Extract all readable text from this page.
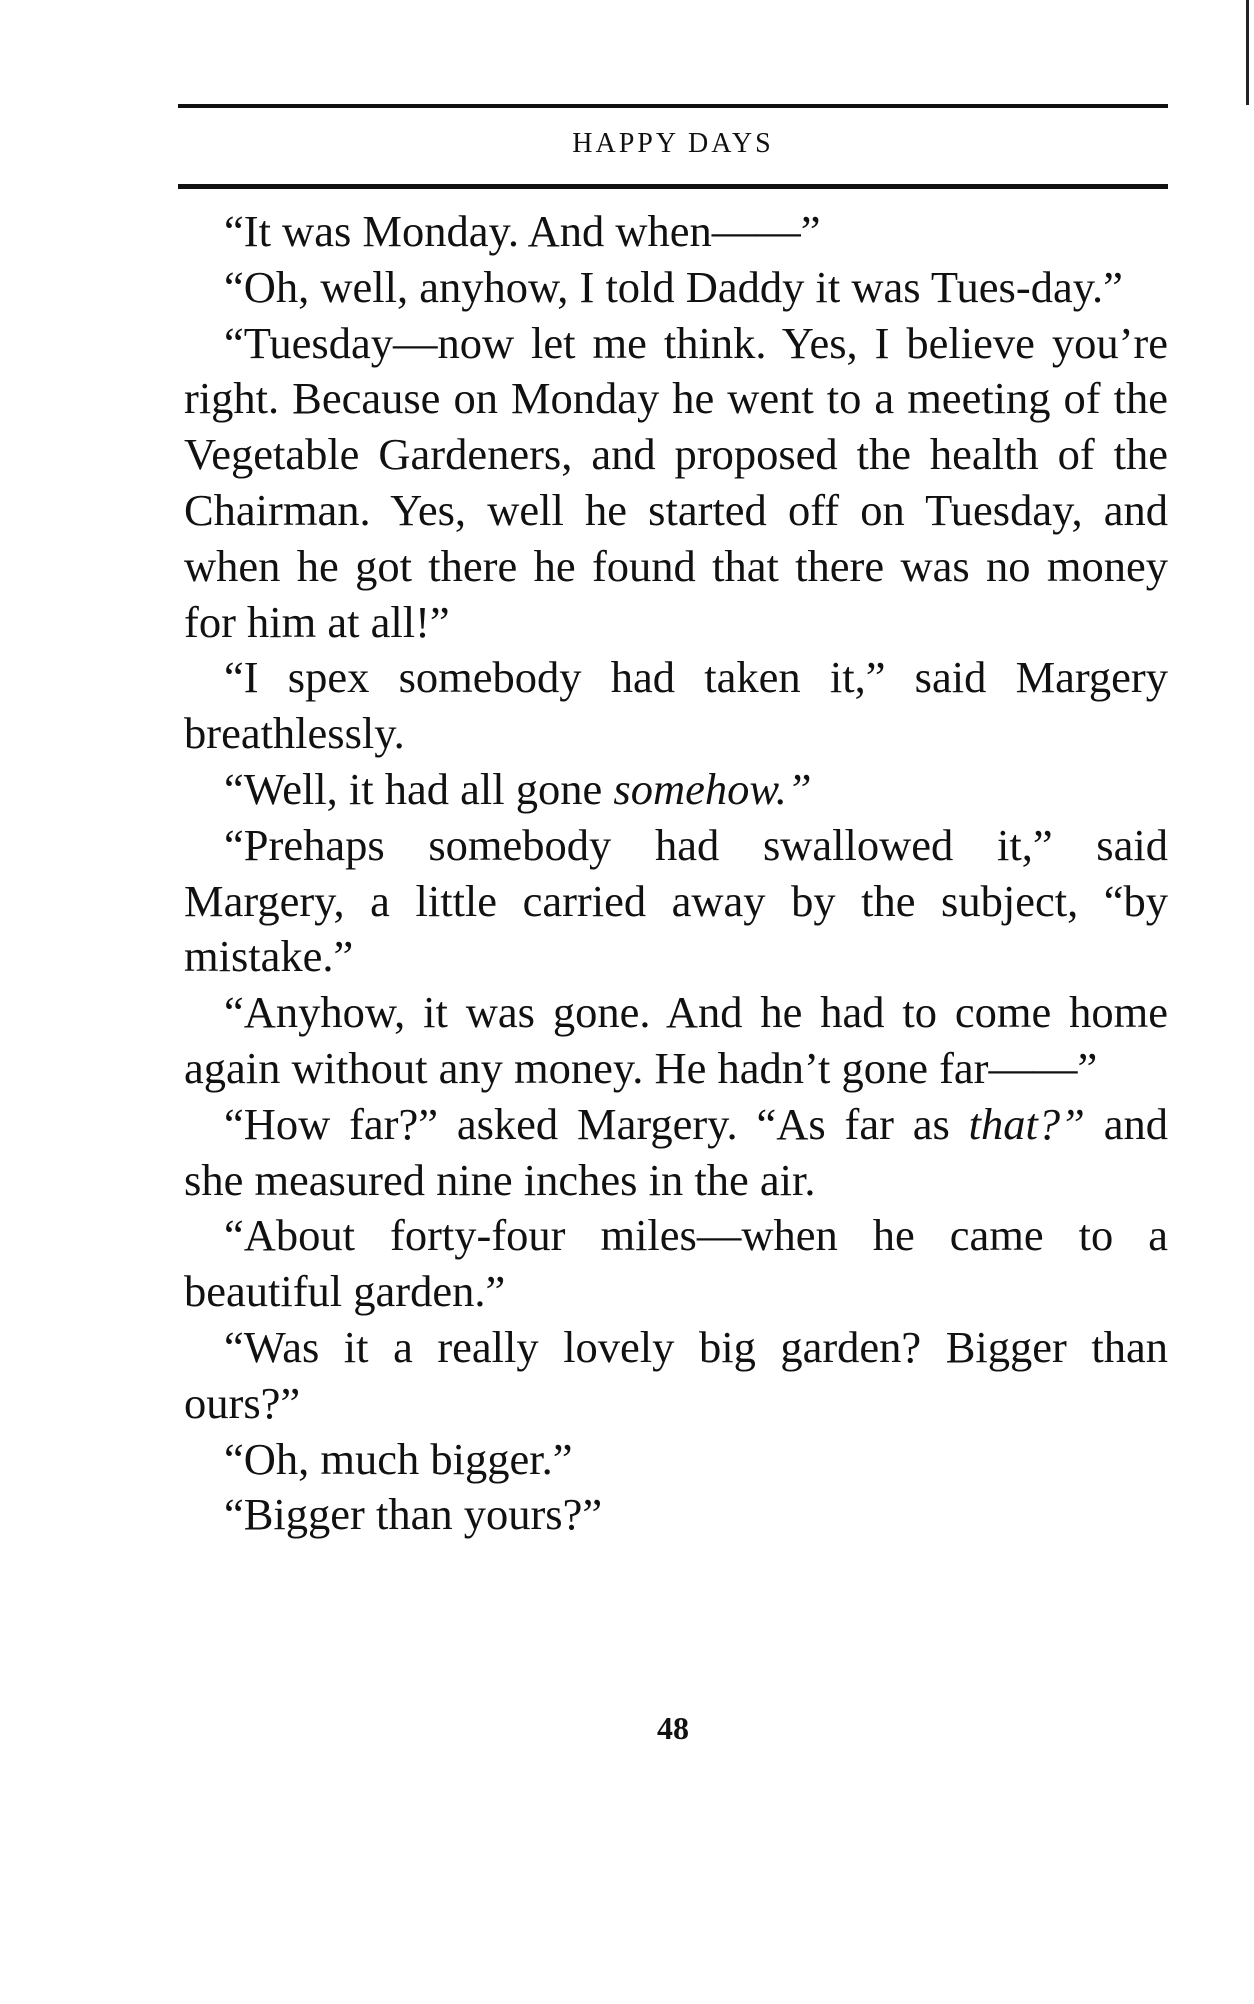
HAPPY DAYS

“It was Monday. And when——”

“Oh, well, anyhow, I told Daddy it was Tues-day.”

“Tuesday—now let me think. Yes, I believe you’re right. Because on Monday he went to a meeting of the Vegetable Gardeners, and proposed the health of the Chairman. Yes, well he started off on Tuesday, and when he got there he found that there was no money for him at all!”

“I spex somebody had taken it,” said Margery breathlessly.

“Well, it had all gone somehow.”

“Prehaps somebody had swallowed it,” said Margery, a little carried away by the subject, “by mistake.”

“Anyhow, it was gone. And he had to come home again without any money. He hadn’t gone far——”

“How far?” asked Margery. “As far as that?” and she measured nine inches in the air.

“About forty-four miles—when he came to a beautiful garden.”

“Was it a really lovely big garden? Bigger than ours?”

“Oh, much bigger.”

“Bigger than yours?”

48
